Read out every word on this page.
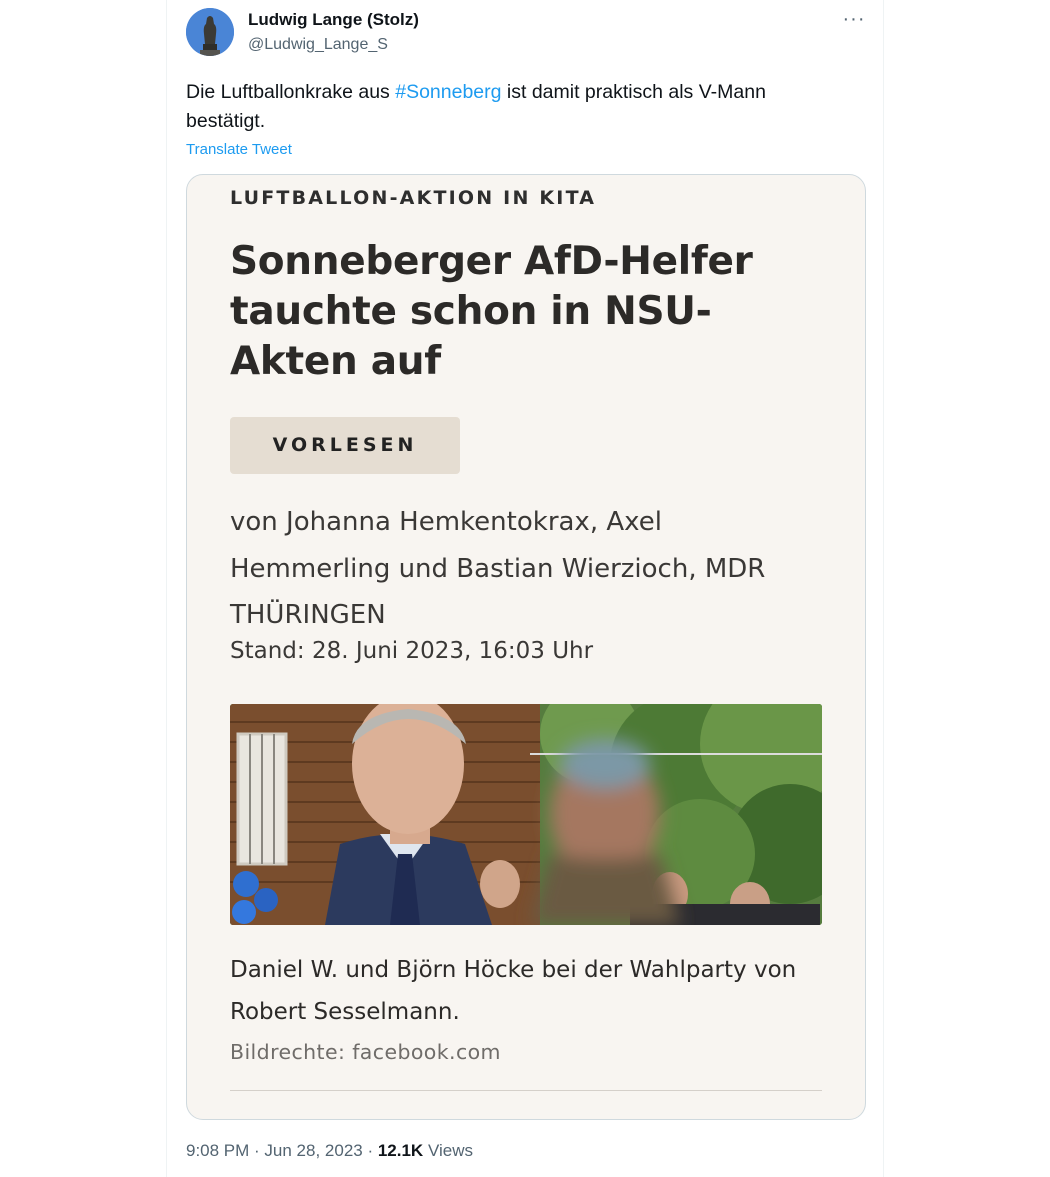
Ludwig Lange (Stolz)
@Ludwig_Lange_S
···
Die Luftballonkrake aus #Sonneberg ist damit praktisch als V-Mann bestätigt.
Translate Tweet
LUFTBALLON-AKTION IN KITA
Sonneberger AfD-Helfer tauchte schon in NSU-Akten auf
VORLESEN
von Johanna Hemkentokrax, Axel Hemmerling und Bastian Wierzioch, MDR THÜRINGEN
Stand: 28. Juni 2023, 16:03 Uhr
Daniel W. und Björn Höcke bei der Wahlparty von Robert Sesselmann.
Bildrechte: facebook.com
9:08 PM · Jun 28, 2023 · 12.1K Views
